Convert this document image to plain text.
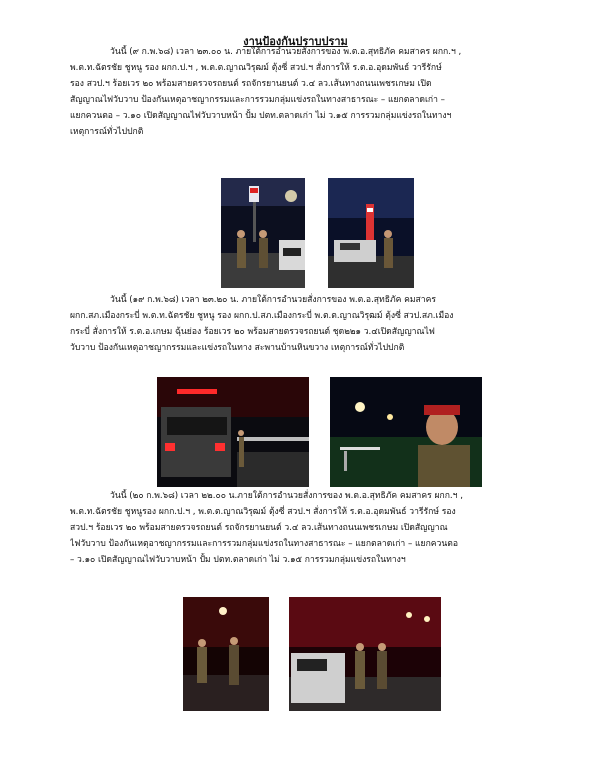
งานป้องกันปราบปราม

วันนี้ (๙ ก.พ.๖๘) เวลา ๒๓.๐๐ น. ภายใต้การอำนวยสั่งการของ พ.ต.อ.สุทธิภัค คมสาคร ผกก.ฯ ,

พ.ต.ท.ฉัตรชัย ชูหนู รอง ผกก.ป.ฯ , พ.ต.ต.ญาณวิรุฒม์ ตุ้งซี่ สวป.ฯ สั่งการให้ ร.ต.อ.อุดมพันธ์ วารีรักษ์

รอง สวป.ฯ ร้อยเวร ๒๐ พร้อมสายตรวจรถยนต์ รถจักรยานยนต์ ว.๔ ลว.เส้นทางถนนเพชรเกษม เปิด

สัญญาณไฟวับวาบ ป้องกันเหตุอาชญากรรมและการรวมกลุ่มแข่งรถในทางสาธารณะ – แยกตลาดเก่า –

แยกควนตอ – ว.๑๐ เปิดสัญญาณไฟวับวาบหน้า ปั้ม ปตท.ตลาดเก่า ไม่ ว.๑๕ การรวมกลุ่มแข่งรถในทางฯ

เหตุการณ์ทั่วไปปกติ

วันนี้ (๑๙ ก.พ.๖๘) เวลา ๒๓.๒๐ น. ภายใต้การอำนวยสั่งการของ พ.ต.อ.สุทธิภัค คมสาคร

ผกก.สภ.เมืองกระบี่ พ.ต.ท.ฉัตรชัย ชูหนู รอง ผกก.ป.สภ.เมืองกระบี่ พ.ต.ต.ญาณวิรุฒม์ ตุ้งซี่ สวป.สภ.เมือง

กระบี่ สั่งการให้ ร.ต.อ.เกษม ฉุ้นย่อง ร้อยเวร ๒๐ พร้อมสายตรวจรถยนต์ ชุด๒๒๑ ว.๔เปิดสัญญาณไฟ

วับวาบ ป้องกันเหตุอาชญากรรมและแข่งรถในทาง สะพานบ้านหินขวาง เหตุการณ์ทั่วไปปกติ

วันนี้ (๒๐ ก.พ.๖๘) เวลา ๒๒.๐๐ น.ภายใต้การอำนวยสั่งการของ พ.ต.อ.สุทธิภัค คมสาคร ผกก.ฯ ,

พ.ต.ท.ฉัตรชัย ชูหนูรอง ผกก.ป.ฯ , พ.ต.ต.ญาณวิรุฒม์ ตุ้งซี่ สวป.ฯ สั่งการให้ ร.ต.อ.อุดมพันธ์ วารีรักษ์ รอง

สวป.ฯ ร้อยเวร ๒๐ พร้อมสายตรวจรถยนต์ รถจักรยานยนต์ ว.๔ ลว.เส้นทางถนนเพชรเกษม เปิดสัญญาณ

ไฟวับวาบ ป้องกันเหตุอาชญากรรมและการรวมกลุ่มแข่งรถในทางสาธารณะ – แยกตลาดเก่า – แยกควนตอ

– ว.๑๐ เปิดสัญญาณไฟวับวาบหน้า ปั้ม ปตท.ตลาดเก่า ไม่ ว.๑๕ การรวมกลุ่มแข่งรถในทางฯ
